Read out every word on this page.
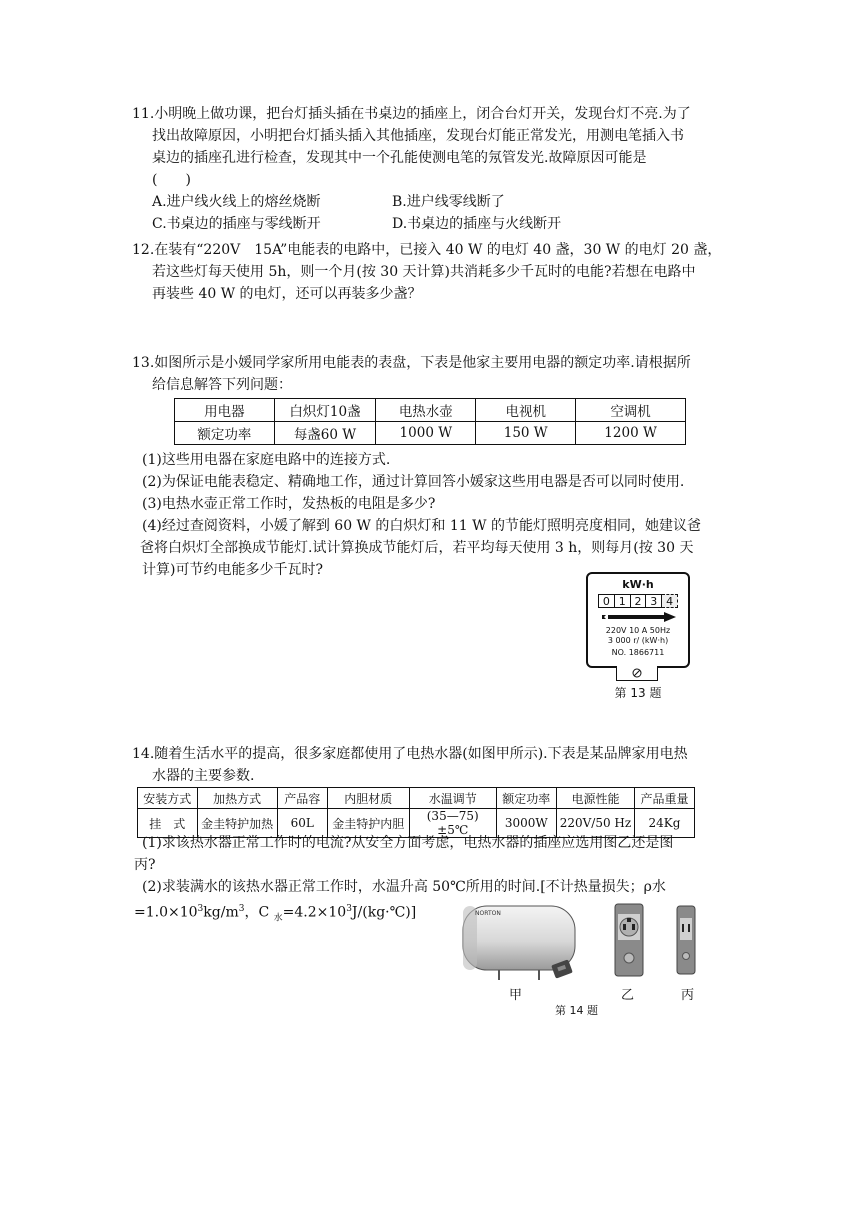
11.小明晚上做功课，把台灯插头插在书桌边的插座上，闭合台灯开关，发现台灯不亮.为了

找出故障原因，小明把台灯插头插入其他插座，发现台灯能正常发光，用测电笔插入书

桌边的插座孔进行检查，发现其中一个孔能使测电笔的氖管发光.故障原因可能是

(　　)

A.进户线火线上的熔丝烧断	B.进户线零线断了
C.书桌边的插座与零线断开	D.书桌边的插座与火线断开

12.在装有“220V　15A”电能表的电路中，已接入 40 W 的电灯 40 盏，30 W 的电灯 20 盏，

若这些灯每天使用 5h，则一个月(按 30 天计算)共消耗多少千瓦时的电能?若想在电路中

再装些 40 W 的电灯，还可以再装多少盏？

13.如图所示是小媛同学家所用电能表的表盘，下表是他家主要用电器的额定功率.请根据所

给信息解答下列问题：

用电器	白炽灯10盏	电热水壶	电视机	空调机
额定功率	每盏60 W	1000 W	150 W	1200 W

(1)这些用电器在家庭电路中的连接方式.

(2)为保证电能表稳定、精确地工作，通过计算回答小媛家这些用电器是否可以同时使用.

(3)电热水壶正常工作时，发热板的电阻是多少?

(4)经过查阅资料，小媛了解到 60 W 的白炽灯和 11 W 的节能灯照明亮度相同，她建议爸

爸将白炽灯全部换成节能灯.试计算换成节能灯后，若平均每天使用 3 h，则每月(按 30 天

计算)可节约电能多少千瓦时?

kW·h
0 1 2 3 4
220V 10 A 50Hz
3 000 r/ (kW·h)
NO. 1866711
第 13 题

14.随着生活水平的提高，很多家庭都使用了电热水器(如图甲所示).下表是某品牌家用电热

水器的主要参数.

安装方式	加热方式	产品容	内胆材质	水温调节	额定功率	电源性能	产品重量
挂　式	金圭特护加热	60L	金圭特护内胆	(35—75)±5℃	3000W	220V/50 Hz	24Kg

(1)求该热水器正常工作时的电流?从安全方面考虑，电热水器的插座应选用图乙还是图

丙?

(2)求装满水的该热水器正常工作时，水温升高 50℃所用的时间.[不计热量损失；ρ水

$=1.0\times 10^3kg/m^3$，C $_水=4.2\times 10^3J/(kg\cdot℃)$]	NORTON
甲	乙	丙
第 14 题
